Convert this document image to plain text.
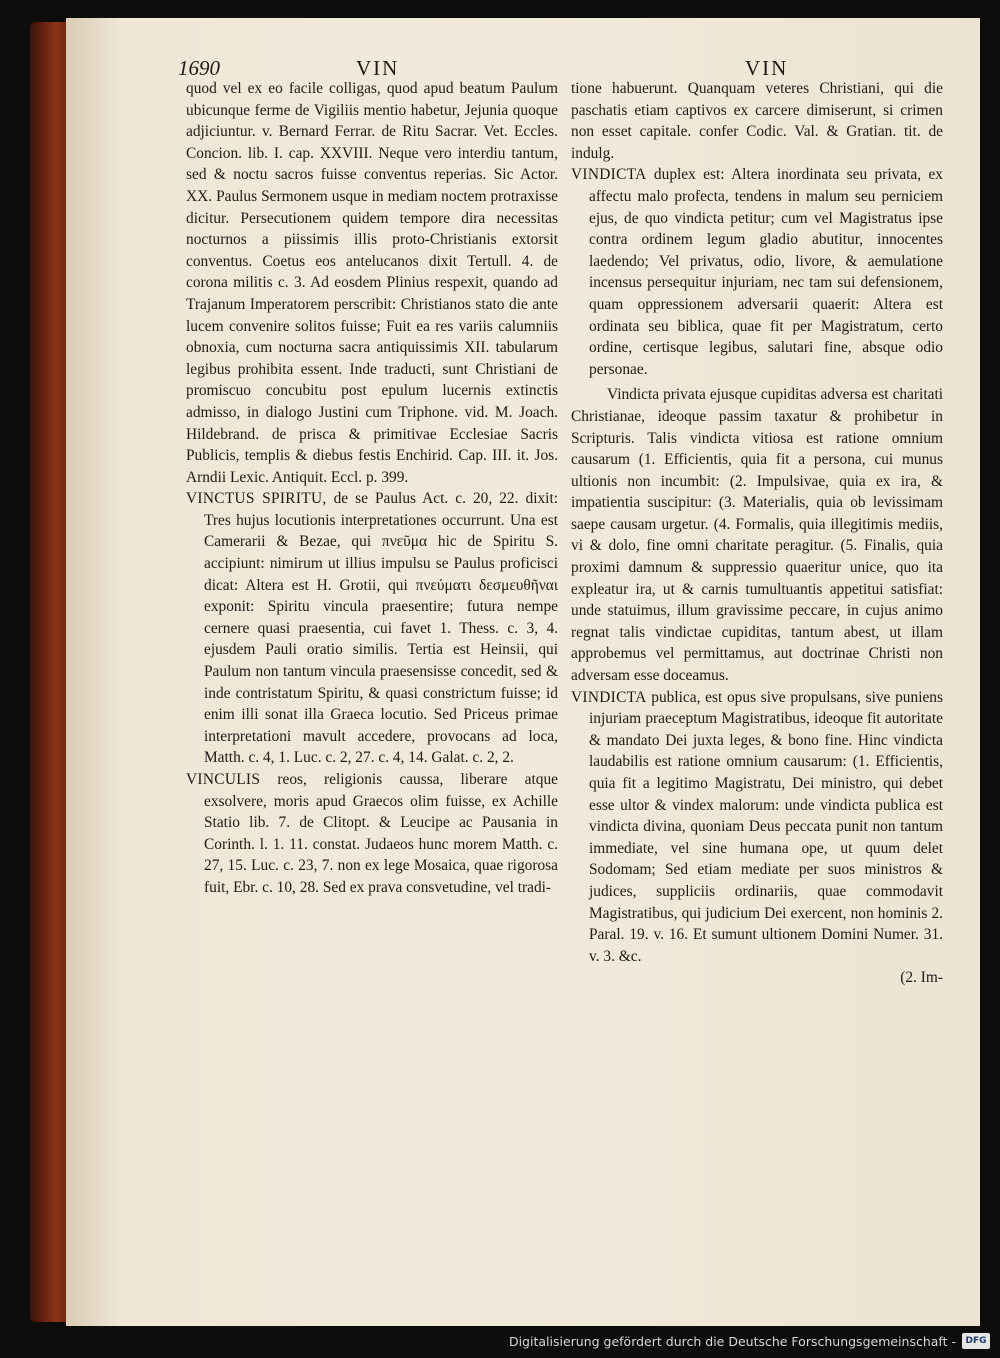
1690	VIN	VIN

quod vel ex eo facile colligas, quod apud beatum Paulum ubicunque ferme de Vigiliis mentio habetur, Jejunia quoque adjiciuntur. v. Bernard Ferrar. de Ritu Sacrar. Vet. Eccles. Concion. lib. I. cap. XXVIII. Neque vero interdiu tantum, sed & noctu sacros fuisse conventus reperias. Sic Actor. XX. Paulus Sermonem usque in mediam noctem protraxisse dicitur. Persecutionem quidem tempore dira necessitas nocturnos a piissimis illis proto-Christianis extorsit conventus. Coetus eos antelucanos dixit Tertull. 4. de corona militis c. 3. Ad eosdem Plinius respexit, quando ad Trajanum Imperatorem perscribit: Christianos stato die ante lucem convenire solitos fuisse; Fuit ea res variis calumniis obnoxia, cum nocturna sacra antiquissimis XII. tabularum legibus prohibita essent. Inde traducti, sunt Christiani de promiscuo concubitu post epulum lucernis extinctis admisso, in dialogo Justini cum Triphone. vid. M. Joach. Hildebrand. de prisca & primitivae Ecclesiae Sacris Publicis, templis & diebus festis Enchirid. Cap. III. it. Jos. Arndii Lexic. Antiquit. Eccl. p. 399.

VINCTUS SPIRITU, de se Paulus Act. c. 20, 22. dixit: Tres hujus locutionis interpretationes occurrunt. Una est Camerarii & Bezae, qui πνεῦμα hic de Spiritu S. accipiunt: nimirum ut illius impulsu se Paulus proficisci dicat: Altera est H. Grotii, qui πνεύματι δεσμευθῆναι exponit: Spiritu vincula praesentire; futura nempe cernere quasi praesentia, cui favet 1. Thess. c. 3, 4. ejusdem Pauli oratio similis. Tertia est Heinsii, qui Paulum non tantum vincula praesensisse concedit, sed & inde contristatum Spiritu, & quasi constrictum fuisse; id enim illi sonat illa Graeca locutio. Sed Priceus primae interpretationi mavult accedere, provocans ad loca, Matth. c. 4, 1. Luc. c. 2, 27. c. 4, 14. Galat. c. 2, 2.

VINCULIS reos, religionis caussa, liberare atque exsolvere, moris apud Graecos olim fuisse, ex Achille Statio lib. 7. de Clitopt. & Leucipe ac Pausania in Corinth. l. 1. 11. constat. Judaeos hunc morem Matth. c. 27, 15. Luc. c. 23, 7. non ex lege Mosaica, quae rigorosa fuit, Ebr. c. 10, 28. Sed ex prava consvetudine, vel tradi-

tione habuerunt. Quanquam veteres Christiani, qui die paschatis etiam captivos ex carcere dimiserunt, si crimen non esset capitale. confer Codic. Val. & Gratian. tit. de indulg.

VINDICTA duplex est: Altera inordinata seu privata, ex affectu malo profecta, tendens in malum seu perniciem ejus, de quo vindicta petitur; cum vel Magistratus ipse contra ordinem legum gladio abutitur, innocentes laedendo; Vel privatus, odio, livore, & aemulatione incensus persequitur injuriam, nec tam sui defensionem, quam oppressionem adversarii quaerit: Altera est ordinata seu biblica, quae fit per Magistratum, certo ordine, certisque legibus, salutari fine, absque odio personae.

Vindicta privata ejusque cupiditas adversa est charitati Christianae, ideoque passim taxatur & prohibetur in Scripturis. Talis vindicta vitiosa est ratione omnium causarum (1. Efficientis, quia fit a persona, cui munus ultionis non incumbit: (2. Impulsivae, quia ex ira, & impatientia suscipitur: (3. Materialis, quia ob levissimam saepe causam urgetur. (4. Formalis, quia illegitimis mediis, vi & dolo, fine omni charitate peragitur. (5. Finalis, quia proximi damnum & suppressio quaeritur unice, quo ita expleatur ira, ut & carnis tumultuantis appetitui satisfiat: unde statuimus, illum gravissime peccare, in cujus animo regnat talis vindictae cupiditas, tantum abest, ut illam approbemus vel permittamus, aut doctrinae Christi non adversam esse doceamus.

VINDICTA publica, est opus sive propulsans, sive puniens injuriam praeceptum Magistratibus, ideoque fit autoritate & mandato Dei juxta leges, & bono fine. Hinc vindicta laudabilis est ratione omnium causarum: (1. Efficientis, quia fit a legitimo Magistratu, Dei ministro, qui debet esse ultor & vindex malorum: unde vindicta publica est vindicta divina, quoniam Deus peccata punit non tantum immediate, vel sine humana ope, ut quum delet Sodomam; Sed etiam mediate per suos ministros & judices, suppliciis ordinariis, quae commodavit Magistratibus, qui judicium Dei exercent, non hominis 2. Paral. 19. v. 16. Et sumunt ultionem Domini Numer. 31. v. 3. &c.

(2. Im-

Digitalisierung gefördert durch die Deutsche Forschungsgemeinschaft -	DFG
